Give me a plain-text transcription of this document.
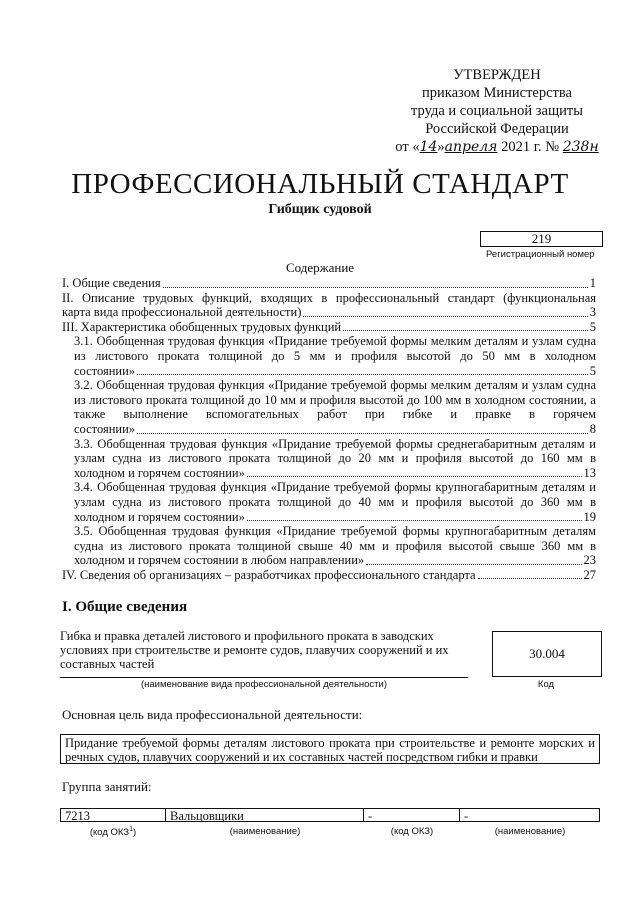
УТВЕРЖДЕН
приказом Министерства
труда и социальной защиты
Российской Федерации
от «14»апреля 2021 г. № 238н
ПРОФЕССИОНАЛЬНЫЙ СТАНДАРТ
Гибщик судовой
219
Регистрационный номер
Содержание
I. Общие сведения	1
II. Описание трудовых функций, входящих в профессиональный стандарт (функциональная
карта вида профессиональной деятельности)	3
III. Характеристика обобщенных трудовых функций	5
3.1. Обобщенная трудовая функция «Придание требуемой формы мелким деталям и узлам судна из листового проката толщиной до 5 мм и профиля высотой до 50 мм в холодном
состоянии»	5
3.2. Обобщенная трудовая функция «Придание требуемой формы мелким деталям и узлам судна из листового проката толщиной до 10 мм и профиля высотой до 100 мм в холодном состоянии, а также выполнение вспомогательных работ при гибке и правке в горячем
состоянии»	8
3.3. Обобщенная трудовая функция «Придание требуемой формы среднегабаритным деталям и узлам судна из листового проката толщиной до 20 мм и профиля высотой до 160 мм в
холодном и горячем состоянии»	13
3.4. Обобщенная трудовая функция «Придание требуемой формы крупногабаритным деталям и узлам судна из листового проката толщиной до 40 мм и профиля высотой до 360 мм в
холодном и горячем состоянии»	19
3.5. Обобщенная трудовая функция «Придание требуемой формы крупногабаритным деталям судна из листового проката толщиной свыше 40 мм и профиля высотой свыше 360 мм в
холодном и горячем состоянии в любом направлении»	23
IV. Сведения об организациях – разработчиках профессионального стандарта	27
I. Общие сведения
Гибка и правка деталей листового и профильного проката в заводских условиях при строительстве и ремонте судов, плавучих сооружений и их составных частей
(наименование вида профессиональной деятельности)
30.004
Код
Основная цель вида профессиональной деятельности:
Придание требуемой формы деталям листового проката при строительстве и ремонте морских и речных судов, плавучих сооружений и их составных частей посредством гибки и правки
Группа занятий:
7213	Вальцовщики	-	-
(код ОКЗ$^1$)	(наименование)	(код ОКЗ)	(наименование)
